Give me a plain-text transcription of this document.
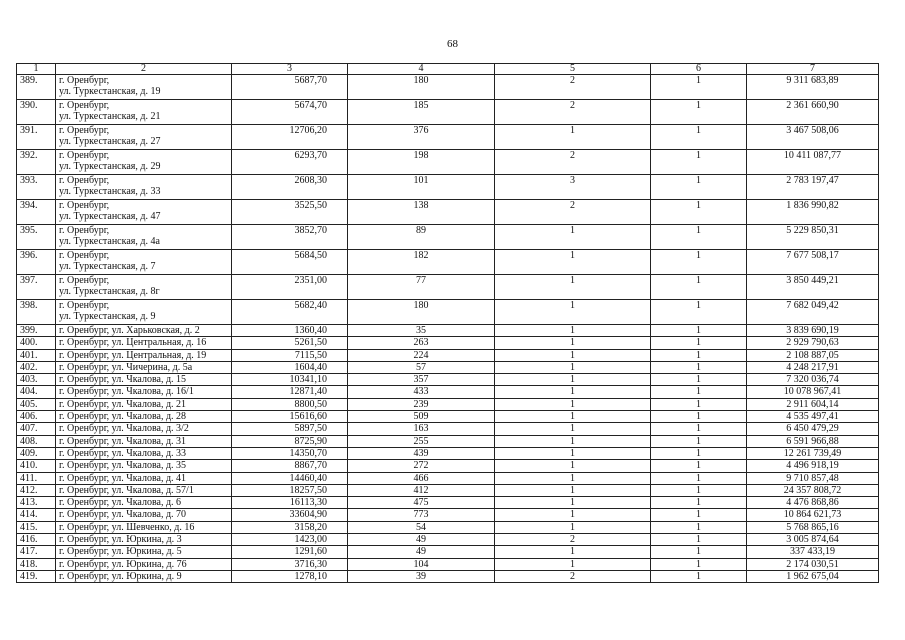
68
1	2	3	4	5	6	7
389.	г. Оренбург,
ул. Туркестанская, д. 19	5687,70	180	2	1	9 311 683,89
390.	г. Оренбург,
ул. Туркестанская, д. 21	5674,70	185	2	1	2 361 660,90
391.	г. Оренбург,
ул. Туркестанская, д. 27	12706,20	376	1	1	3 467 508,06
392.	г. Оренбург,
ул. Туркестанская, д. 29	6293,70	198	2	1	10 411 087,77
393.	г. Оренбург,
ул. Туркестанская, д. 33	2608,30	101	3	1	2 783 197,47
394.	г. Оренбург,
ул. Туркестанская, д. 47	3525,50	138	2	1	1 836 990,82
395.	г. Оренбург,
ул. Туркестанская, д. 4а	3852,70	89	1	1	5 229 850,31
396.	г. Оренбург,
ул. Туркестанская, д. 7	5684,50	182	1	1	7 677 508,17
397.	г. Оренбург,
ул. Туркестанская, д. 8г	2351,00	77	1	1	3 850 449,21
398.	г. Оренбург,
ул. Туркестанская, д. 9	5682,40	180	1	1	7 682 049,42
399.	г. Оренбург, ул. Харьковская, д. 2	1360,40	35	1	1	3 839 690,19
400.	г. Оренбург, ул. Центральная, д. 16	5261,50	263	1	1	2 929 790,63
401.	г. Оренбург, ул. Центральная, д. 19	7115,50	224	1	1	2 108 887,05
402.	г. Оренбург, ул. Чичерина, д. 5а	1604,40	57	1	1	4 248 217,91
403.	г. Оренбург, ул. Чкалова, д. 15	10341,10	357	1	1	7 320 036,74
404.	г. Оренбург, ул. Чкалова, д. 16/1	12871,40	433	1	1	10 078 967,41
405.	г. Оренбург, ул. Чкалова, д. 21	8800,50	239	1	1	2 911 604,14
406.	г. Оренбург, ул. Чкалова, д. 28	15616,60	509	1	1	4 535 497,41
407.	г. Оренбург, ул. Чкалова, д. 3/2	5897,50	163	1	1	6 450 479,29
408.	г. Оренбург, ул. Чкалова, д. 31	8725,90	255	1	1	6 591 966,88
409.	г. Оренбург, ул. Чкалова, д. 33	14350,70	439	1	1	12 261 739,49
410.	г. Оренбург, ул. Чкалова, д. 35	8867,70	272	1	1	4 496 918,19
411.	г. Оренбург, ул. Чкалова, д. 41	14460,40	466	1	1	9 710 857,48
412.	г. Оренбург, ул. Чкалова, д. 57/1	18257,50	412	1	1	24 357 808,72
413.	г. Оренбург, ул. Чкалова, д. 6	16113,30	475	1	1	4 476 868,86
414.	г. Оренбург, ул. Чкалова, д. 70	33604,90	773	1	1	10 864 621,73
415.	г. Оренбург, ул. Шевченко, д. 16	3158,20	54	1	1	5 768 865,16
416.	г. Оренбург, ул. Юркина, д. 3	1423,00	49	2	1	3 005 874,64
417.	г. Оренбург, ул. Юркина, д. 5	1291,60	49	1	1	337 433,19
418.	г. Оренбург, ул. Юркина, д. 76	3716,30	104	1	1	2 174 030,51
419.	г. Оренбург, ул. Юркина, д. 9	1278,10	39	2	1	1 962 675,04
